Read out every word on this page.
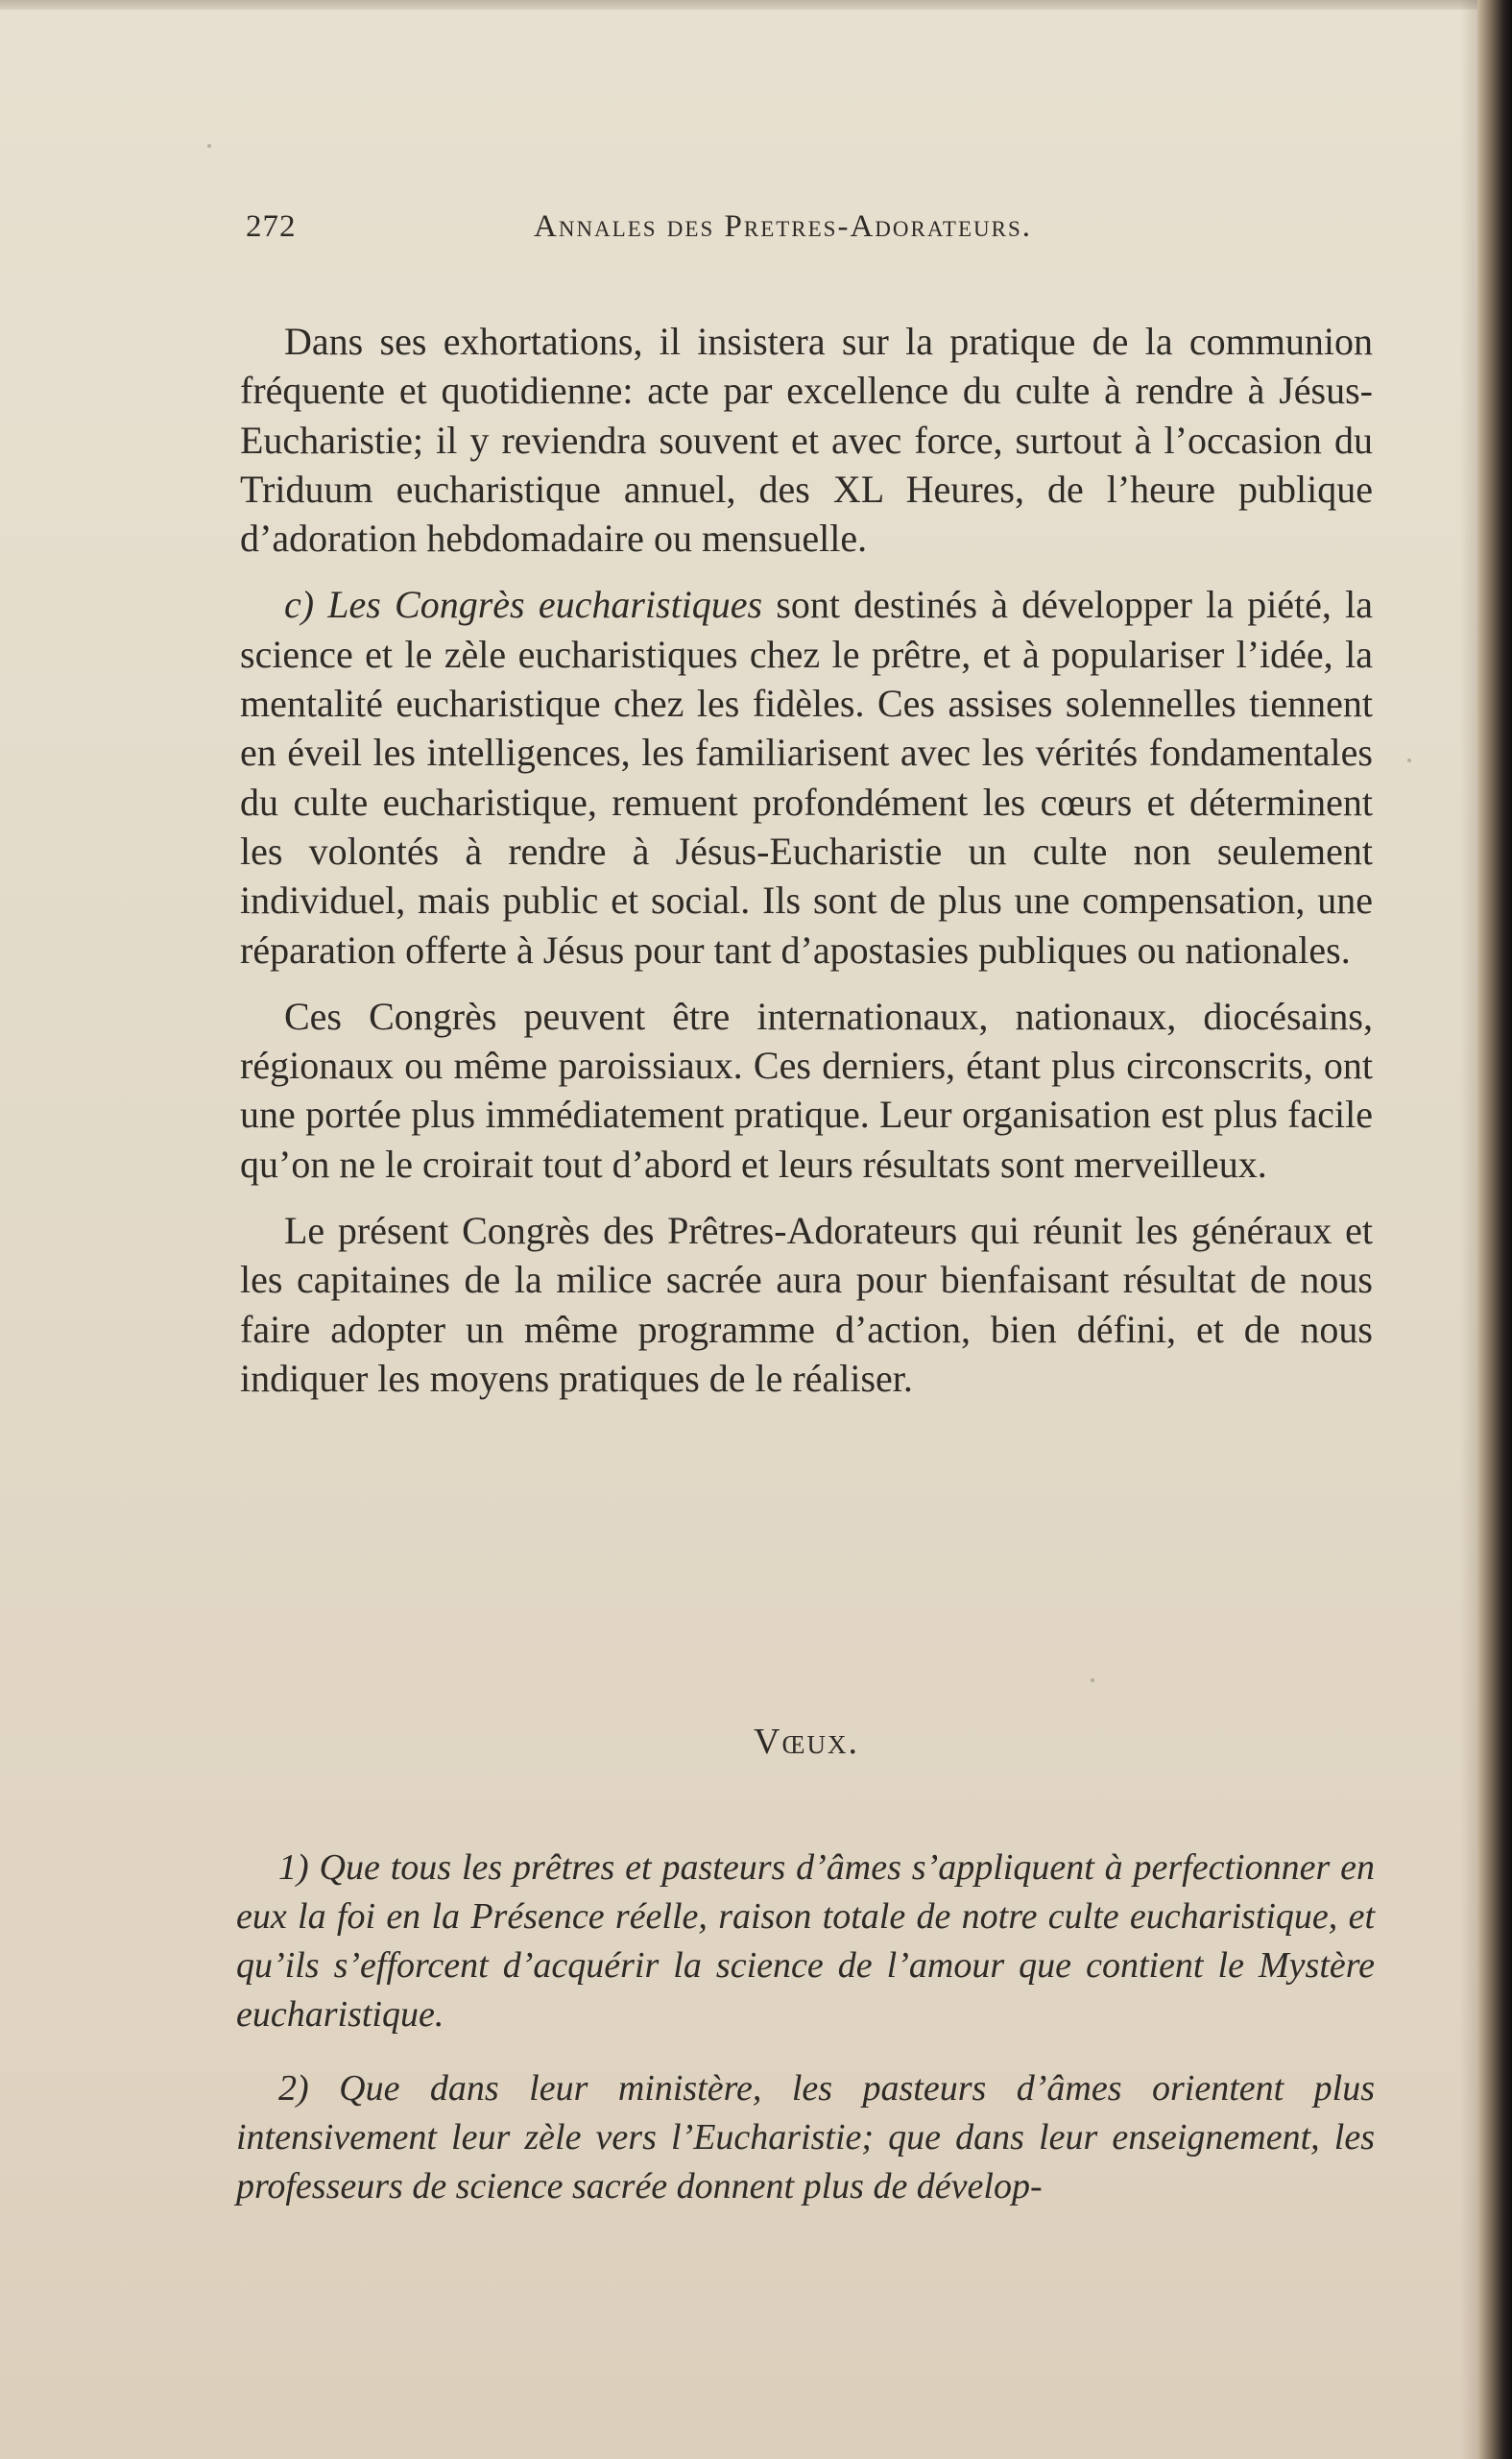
272	Annales des Pretres-Adorateurs.

Dans ses exhortations, il insistera sur la pratique de la communion fréquente et quotidienne: acte par excellence du culte à rendre à Jésus-Eucharistie; il y reviendra souvent et avec force, surtout à l’occasion du Triduum eucharistique annuel, des XL Heures, de l’heure publique d’adoration hebdomadaire ou mensuelle.

c) Les Congrès eucharistiques sont destinés à développer la piété, la science et le zèle eucharistiques chez le prêtre, et à populariser l’idée, la mentalité eucharistique chez les fidèles. Ces assises solennelles tiennent en éveil les intelligences, les familiarisent avec les vérités fondamentales du culte eucharistique, remuent profondément les cœurs et déterminent les volontés à rendre à Jésus-Eucharistie un culte non seulement individuel, mais public et social. Ils sont de plus une compensation, une réparation offerte à Jésus pour tant d’apostasies publiques ou nationales.

Ces Congrès peuvent être internationaux, nationaux, diocésains, régionaux ou même paroissiaux. Ces derniers, étant plus circonscrits, ont une portée plus immédiatement pratique. Leur organisation est plus facile qu’on ne le croirait tout d’abord et leurs résultats sont merveilleux.

Le présent Congrès des Prêtres-Adorateurs qui réunit les généraux et les capitaines de la milice sacrée aura pour bienfaisant résultat de nous faire adopter un même programme d’action, bien défini, et de nous indiquer les moyens pratiques de le réaliser.

Vœux.

1) Que tous les prêtres et pasteurs d’âmes s’appliquent à perfectionner en eux la foi en la Présence réelle, raison totale de notre culte eucharistique, et qu’ils s’efforcent d’acquérir la science de l’amour que contient le Mystère eucharistique.

2) Que dans leur ministère, les pasteurs d’âmes orientent plus intensivement leur zèle vers l’Eucharistie; que dans leur enseignement, les professeurs de science sacrée donnent plus de dévelop-
